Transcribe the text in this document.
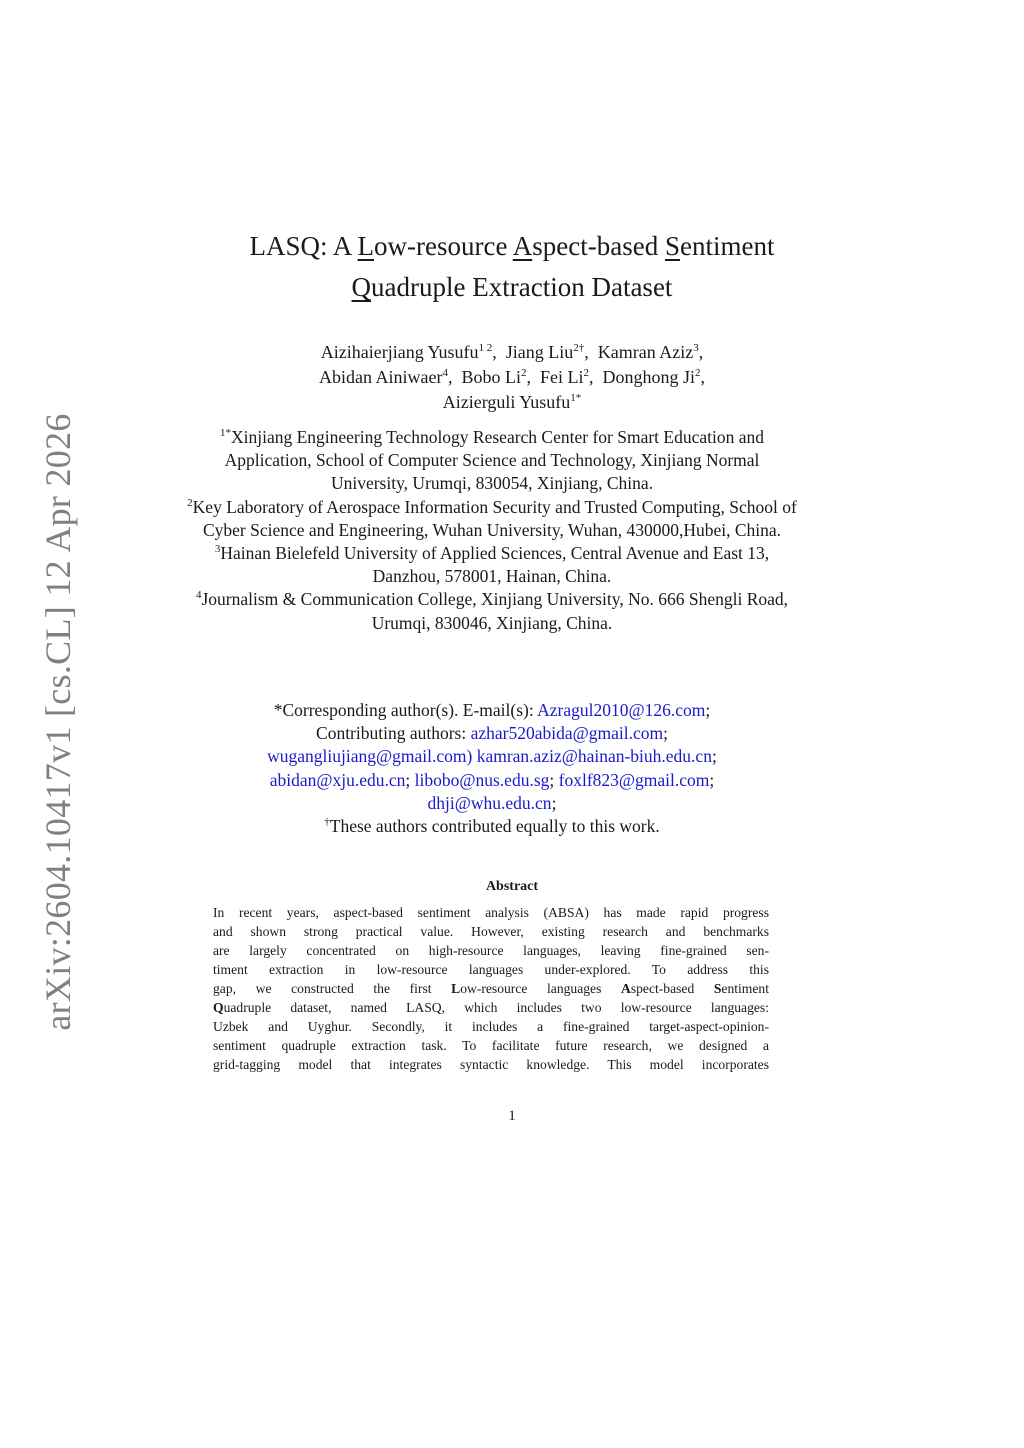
arXiv:2604.10417v1 [cs.CL] 12 Apr 2026
LASQ: A Low-resource Aspect-based Sentiment
Quadruple Extraction Dataset
Aizihaierjiang Yusufu$^{1 2}$,  Jiang Liu$^{2\dagger}$,  Kamran Aziz$^3$,
Abidan Ainiwaer$^4$,  Bobo Li$^2$,  Fei Li$^2$,  Donghong Ji$^2$,
Aizierguli Yusufu$^{1*}$

$^{1*}$Xinjiang Engineering Technology Research Center for Smart Education and Application, School of Computer Science and Technology, Xinjiang Normal University, Urumqi, 830054, Xinjiang, China.

$^2$Key Laboratory of Aerospace Information Security and Trusted Computing, School of Cyber Science and Engineering, Wuhan University, Wuhan, 430000,Hubei, China.

$^3$Hainan Bielefeld University of Applied Sciences, Central Avenue and East 13, Danzhou, 578001, Hainan, China.

$^4$Journalism & Communication College, Xinjiang University, No. 666 Shengli Road, Urumqi, 830046, Xinjiang, China.

*Corresponding author(s). E-mail(s): Azragul2010@126.com;
Contributing authors: azhar520abida@gmail.com;
wugangliujiang@gmail.com) kamran.aziz@hainan-biuh.edu.cn;
abidan@xju.edu.cn; libobo@nus.edu.sg; foxlf823@gmail.com;
dhji@whu.edu.cn;
†These authors contributed equally to this work.
Abstract
In recent years, aspect-based sentiment analysis (ABSA) has made rapid progress
and shown strong practical value. However, existing research and benchmarks
are largely concentrated on high-resource languages, leaving fine-grained sen-
timent extraction in low-resource languages under-explored. To address this
gap, we constructed the first Low-resource languages Aspect-based Sentiment
Quadruple dataset, named LASQ, which includes two low-resource languages:
Uzbek and Uyghur. Secondly, it includes a fine-grained target-aspect-opinion-
sentiment quadruple extraction task. To facilitate future research, we designed a
grid-tagging model that integrates syntactic knowledge. This model incorporates
1
